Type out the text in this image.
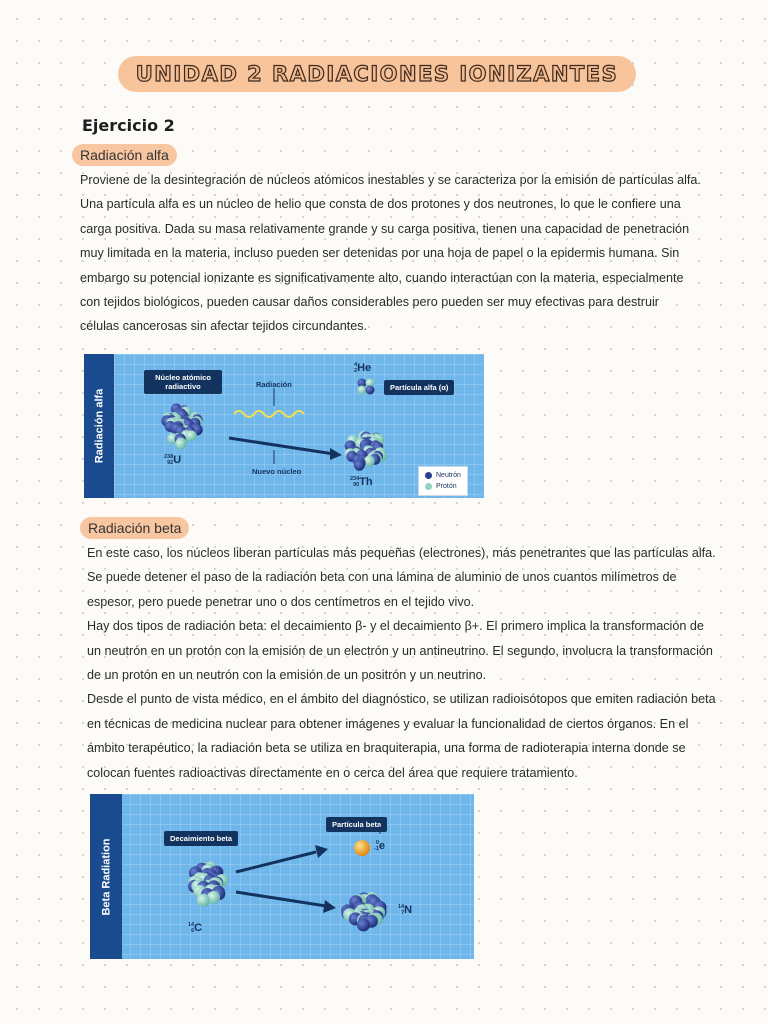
UNIDAD 2 RADIACIONES IONIZANTES
Ejercicio 2
Radiación alfa

Proviene de la desintegración de núcleos atómicos inestables y se caracteriza por la emisión de partículas alfa.

Una partícula alfa es un núcleo de helio que consta de dos protones y dos neutrones, lo que le confiere una

carga positiva. Dada su masa relativamente grande y su carga positiva, tienen una capacidad de penetración

muy limitada en la materia, incluso pueden ser detenidas por una hoja de papel o la epidermis humana. Sin

embargo su potencial ionizante es significativamente alto, cuando interactúan con la materia, especialmente

con tejidos biológicos, pueden causar daños considerables pero pueden ser muy efectivas para destruir

células cancerosas sin afectar tejidos circundantes.

Radiación alfa
Núcleo atómico radiactivo	Radiación
Nuevo núcleo
238
92U
234
90Th
4
2He
Partícula alfa (α)
Neutrón
Protón
Radiación beta

En este caso, los núcleos liberan partículas más pequeñas (electrones), más penetrantes que las partículas alfa.

Se puede detener el paso de la radiación beta con una lámina de aluminio de unos cuantos milímetros de

espesor, pero puede penetrar uno o dos centímetros en el tejido vivo.

Hay dos tipos de radiación beta: el decaimiento β- y el decaimiento β+. El primero implica la transformación de

un neutrón en un protón con la emisión de un electrón y un antineutrino. El segundo, involucra la transformación

de un protón en un neutrón con la emisión de un positrón y un neutrino.

Desde el punto de vista médico, en el ámbito del diagnóstico, se utilizan radioisótopos que emiten radiación beta

en técnicas de medicina nuclear para obtener imágenes y evaluar la funcionalidad de ciertos órganos. En el

ámbito terapéutico, la radiación beta se utiliza en braquiterapia, una forma de radioterapia interna donde se

colocan fuentes radioactivas directamente en o cerca del área que requiere tratamiento.

Beta Radiation	Decaimiento beta
Partícula beta
14
6C
14
7N
0
-1e
